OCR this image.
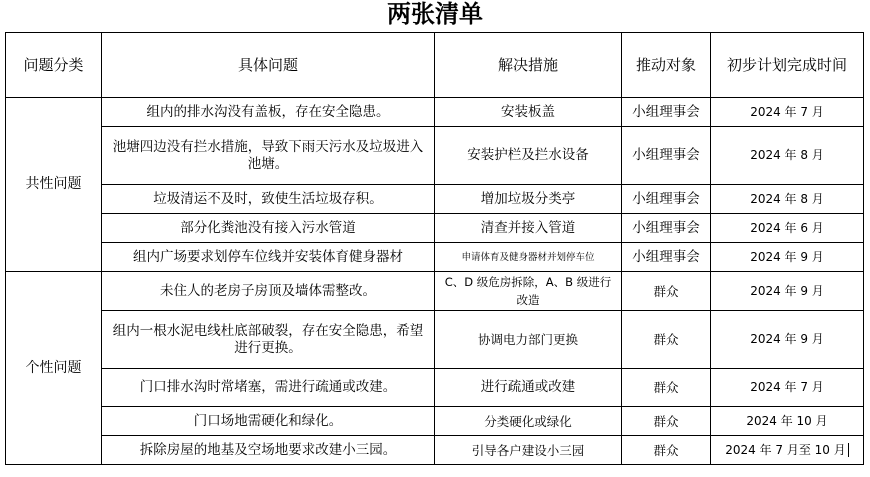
两张清单
问题分类	具体问题	解决措施	推动对象	初步计划完成时间
共性问题	组内的排水沟没有盖板，存在安全隐患。	安装板盖	小组理事会	2024 年 7 月
	池塘四边没有拦水措施，导致下雨天污水及垃圾进入池塘。	安装护栏及拦水设备	小组理事会	2024 年 8 月
	垃圾清运不及时，致使生活垃圾存积。	增加垃圾分类亭	小组理事会	2024 年 8 月
	部分化粪池没有接入污水管道	清查并接入管道	小组理事会	2024 年 6 月
	组内广场要求划停车位线并安装体育健身器材	申请体育及健身器材并划停车位	小组理事会	2024 年 9 月
个性问题	未住人的老房子房顶及墙体需整改。	C、D 级危房拆除，A、B 级进行改造	群众	2024 年 9 月
	组内一根水泥电线杜底部破裂，存在安全隐患，希望进行更换。	协调电力部门更换	群众	2024 年 9 月
	门口排水沟时常堵塞，需进行疏通或改建。	进行疏通或改建	群众	2024 年 7 月
	门口场地需硬化和绿化。	分类硬化或绿化	群众	2024 年 10 月
	拆除房屋的地基及空场地要求改建小三园。	引导各户建设小三园	群众	2024 年 7 月至 10 月
